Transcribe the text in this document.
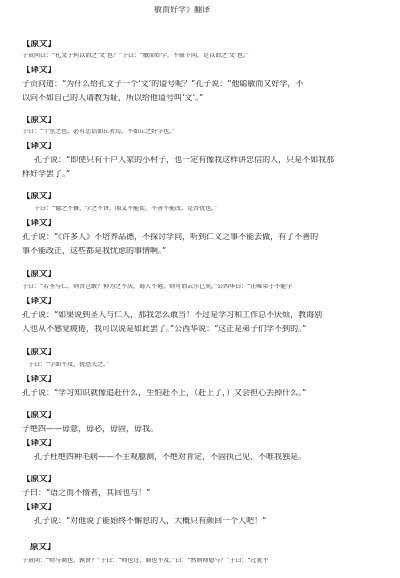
敏而好学》翻译
【原文】
子贡问曰：“孔文子何以谓之‘文’也？”子曰：“敏而好学，不耻下问，是以谓之‘文’也。”
【译文】
子贡问道：“为什么给孔文子一个‘文’的谥号呢？”孔子说：“他聪敏而又好学，不
以向不如自己的人请教为耻，所以给他谥号叫‘文’。”
【原文】
子曰：“十室之邑，必有忠信如丘者焉，不如丘之好学也。”
【译文】
孔子说：“即使只有十户人家的小村子，也一定有像我这样讲忠信的人，只是不如我那
样好学罢了。”
【原文】
子曰：“德之不修，学之不讲，闻义不能徙，不善不能改，是吾忧也。”
【译文】
孔子说：“《许多人》不培养品德，不探讨学问，听到仁义之事不能去做，有了不善的
事不能改正，这些都是我忧虑的事情啊。”
【原文】
子曰：“若圣与仁，则吾岂敢？抑为之不厌，诲人不倦，则可谓云尔已矣。”公西华曰：“正唯弟子不能学
【译文】
孔子说：“如果说到圣人与仁人，那我怎么敢当！不过是学习和工作总不厌烦，教诲别
人也从不感觉疲倦，我可以说是如此罢了。”公西华说：“这正是弟子们学不到的。”
【原文】
子曰：“学如不及，犹恐失之。”
【译文】
孔子说：“学习知识就像追赶什么，生怕赶不上，（赶上了，）又会担心丢掉什么。”
【原文】
子绝四——毋意，毋必，毋固，毋我。
【译文】
孔子杜绝四种毛病——不主观臆测，不绝对肯定，不固执己见，不唯我独是。
【原文】
子曰：“语之而不惰者，其回也与！”
【译文】
孔子说：“对他说了能始终不懈怠的人，大概只有颜回一个人吧！”
原文】
子贡问：“师与商也，孰贤？”子曰：“师也过，商也不及。”曰：“然则师愈与？”子曰：“过犹不
